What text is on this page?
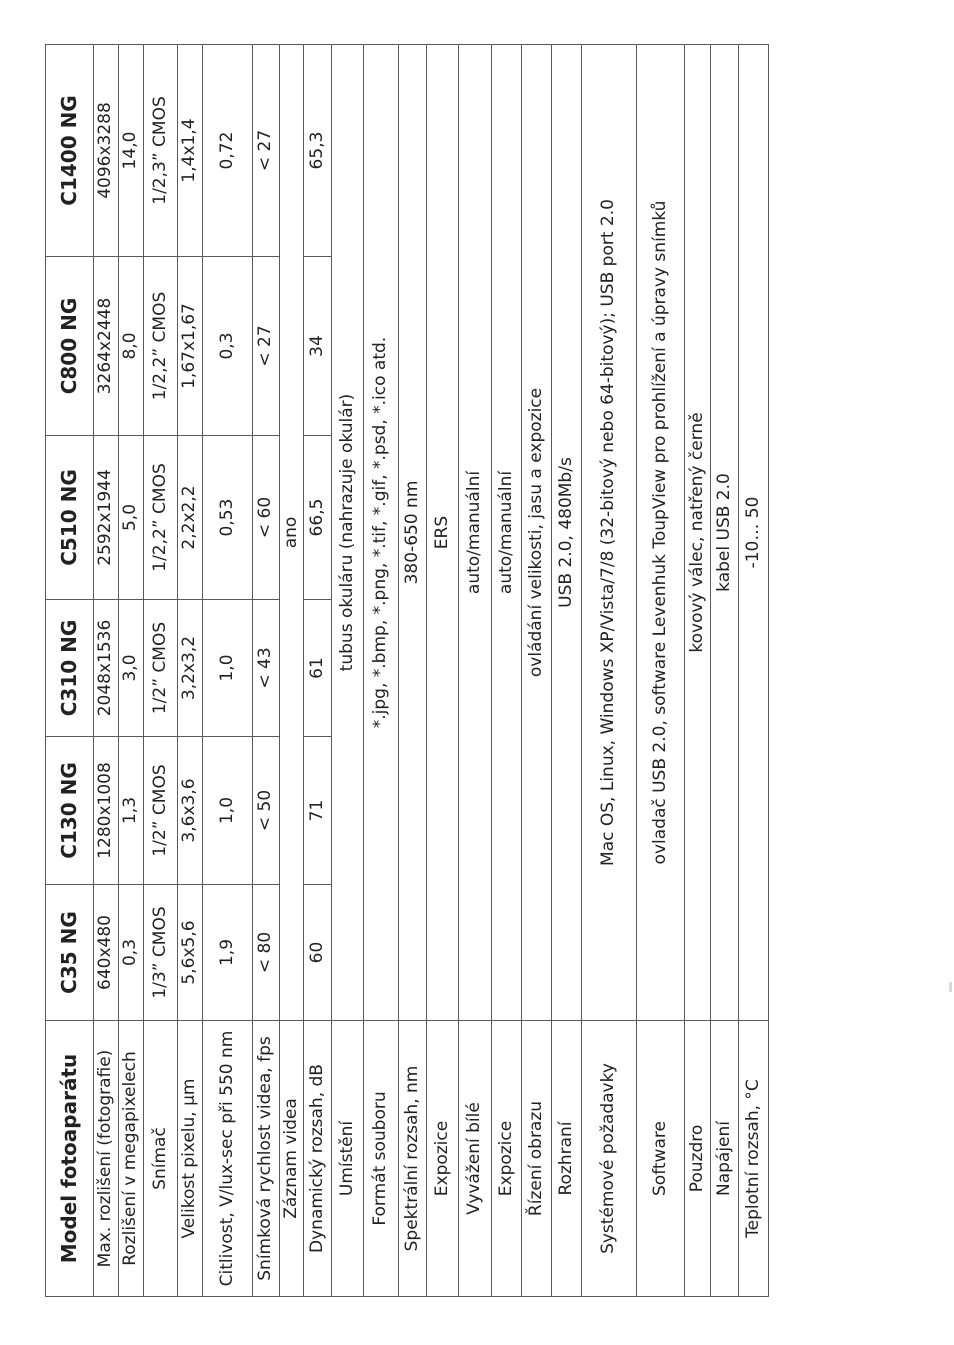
Model fotoaparátu	C35 NG	C130 NG	C310 NG	C510 NG	C800 NG	C1400 NG
Max. rozlišení (fotografie)	640x480	1280x1008	2048x1536	2592x1944	3264x2448	4096x3288
Rozlišení v megapixelech	0,3	1,3	3,0	5,0	8,0	14,0
Snímač	1/3” CMOS	1/2” CMOS	1/2” CMOS	1/2,2” CMOS	1/2,2” CMOS	1/2,3” CMOS
Velikost pixelu, µm	5,6x5,6	3,6x3,6	3,2x3,2	2,2x2,2	1,67x1,67	1,4x1,4
Citlivost, V/lux-sec při 550 nm	1,9	1,0	1,0	0,53	0,3	0,72
Snímková rychlost videa, fps	< 80	< 50	< 43	< 60	< 27	< 27
Záznam videa	ano					
Dynamický rozsah, dB	60	71	61	66,5	34	65,3
Umístění	tubus okuláru (nahrazuje okulár)					
Formát souboru	*.jpg, *.bmp, *.png, *.tif, *.gif, *.psd, *.ico atd.					
Spektrální rozsah, nm	380-650 nm					
Expozice	ERS					
Vyvážení bílé	auto/manuální					
Expozice	auto/manuální					
Řízení obrazu	ovládání velikosti, jasu a expozice					
Rozhraní	USB 2.0, 480Mb/s					
Systémové požadavky	Mac OS, Linux, Windows XP/Vista/7/8 (32-bitový nebo 64-bitový); USB port 2.0					
Software	ovladač USB 2.0, software Levenhuk ToupView pro prohlížení a úpravy snímků					
Pouzdro	kovový válec, natřený černě					
Napájení	kabel USB 2.0					
Teplotní rozsah, °C	-10… 50					
